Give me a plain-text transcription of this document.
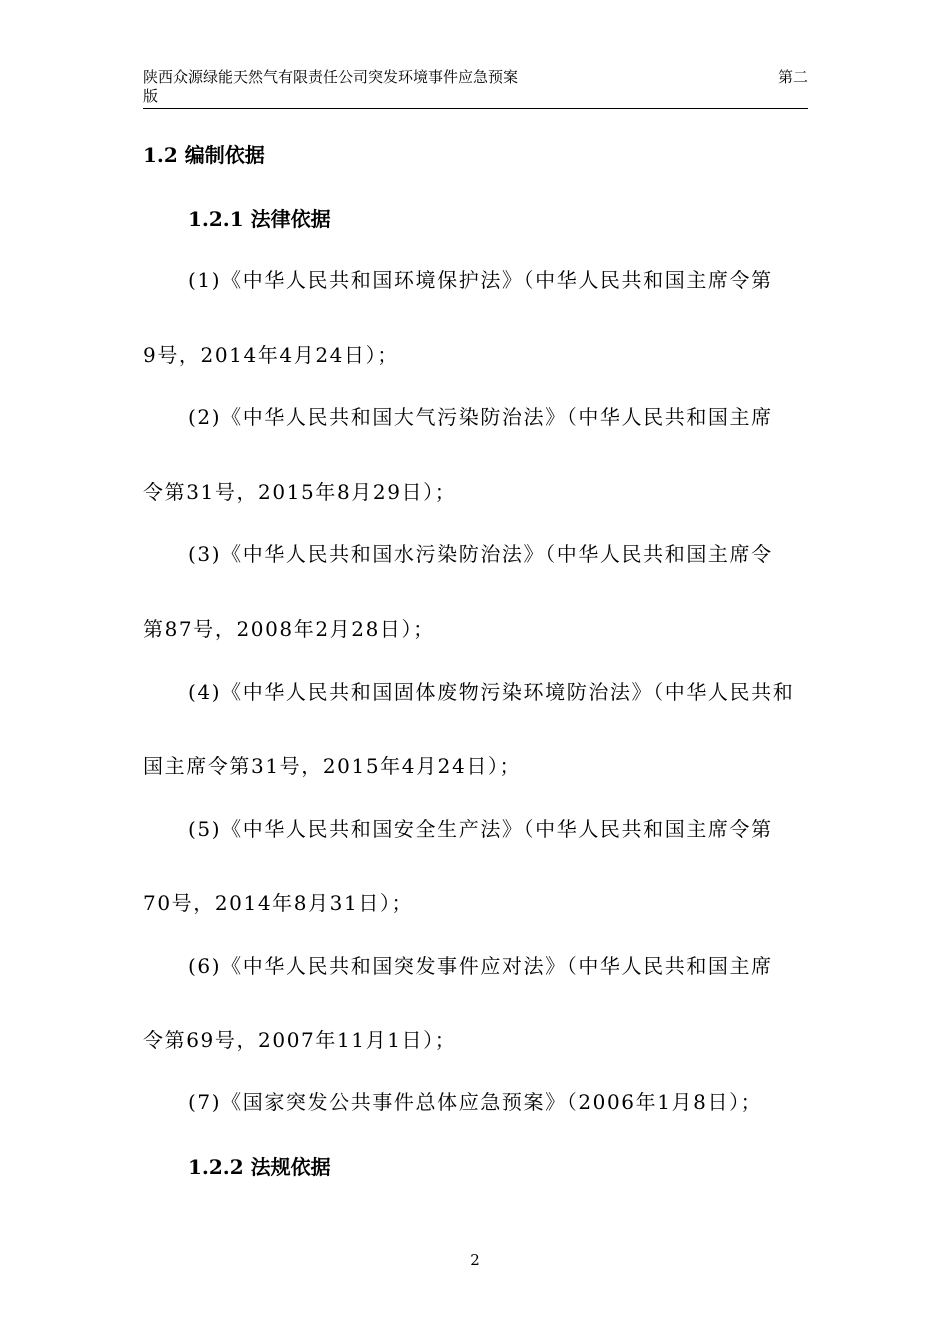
陕西众源绿能天然气有限责任公司突发环境事件应急预案
版
第二
1.2 编制依据
1.2.1 法律依据
(1)《中华人民共和国环境保护法》（中华人民共和国主席令第
9号，2014年4月24日）；
(2)《中华人民共和国大气污染防治法》（中华人民共和国主席
令第31号，2015年8月29日）；
(3)《中华人民共和国水污染防治法》（中华人民共和国主席令
第87号，2008年2月28日）；
(4)《中华人民共和国固体废物污染环境防治法》（中华人民共和
国主席令第31号，2015年4月24日）；
(5)《中华人民共和国安全生产法》（中华人民共和国主席令第
70号，2014年8月31日）；
(6)《中华人民共和国突发事件应对法》（中华人民共和国主席
令第69号，2007年11月1日）；
(7)《国家突发公共事件总体应急预案》（2006年1月8日）；
1.2.2 法规依据
2
